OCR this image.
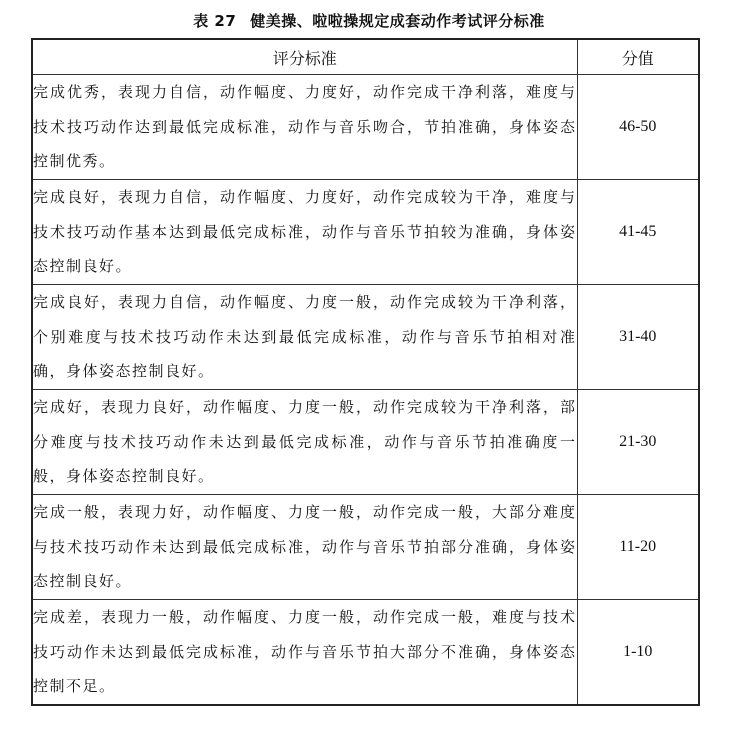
表 27 健美操、啦啦操规定成套动作考试评分标准
评分标准	分值
完成优秀，表现力自信，动作幅度、力度好，动作完成干净利落，难度与技术技巧动作达到最低完成标准，动作与音乐吻合，节拍准确，身体姿态控制优秀。	46-50
完成良好，表现力自信，动作幅度、力度好，动作完成较为干净，难度与技术技巧动作基本达到最低完成标准，动作与音乐节拍较为准确，身体姿态控制良好。	41-45
完成良好，表现力自信，动作幅度、力度一般，动作完成较为干净利落，个别难度与技术技巧动作未达到最低完成标准，动作与音乐节拍相对准确，身体姿态控制良好。	31-40
完成好，表现力良好，动作幅度、力度一般，动作完成较为干净利落，部分难度与技术技巧动作未达到最低完成标准，动作与音乐节拍准确度一般，身体姿态控制良好。	21-30
完成一般，表现力好，动作幅度、力度一般，动作完成一般，大部分难度与技术技巧动作未达到最低完成标准，动作与音乐节拍部分准确，身体姿态控制良好。	11-20
完成差，表现力一般，动作幅度、力度一般，动作完成一般，难度与技术技巧动作未达到最低完成标准，动作与音乐节拍大部分不准确，身体姿态控制不足。	1-10
